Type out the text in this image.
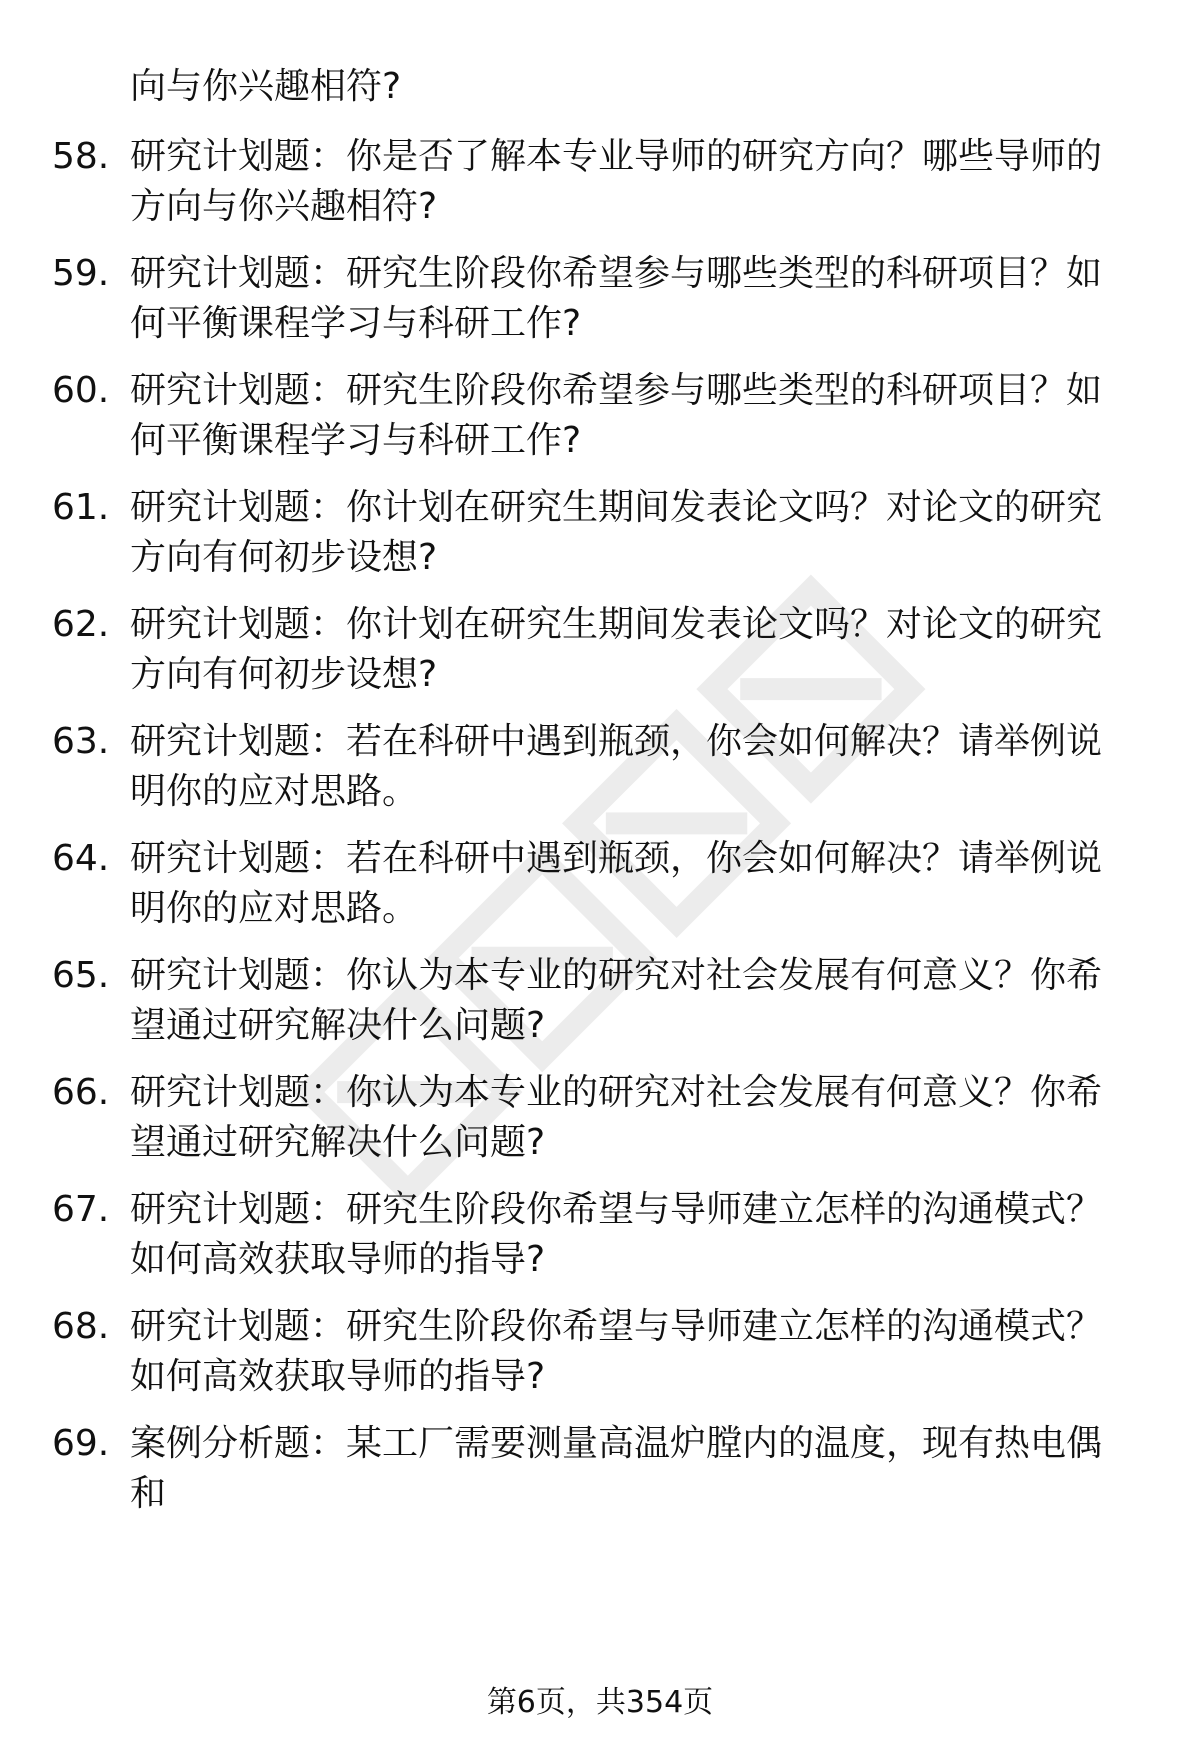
向与你兴趣相符?
58. 研究计划题：你是否了解本专业导师的研究方向？哪些导师的方向与你兴趣相符?
59. 研究计划题：研究生阶段你希望参与哪些类型的科研项目？如何平衡课程学习与科研工作?
60. 研究计划题：研究生阶段你希望参与哪些类型的科研项目？如何平衡课程学习与科研工作?
61. 研究计划题：你计划在研究生期间发表论文吗？对论文的研究方向有何初步设想?
62. 研究计划题：你计划在研究生期间发表论文吗？对论文的研究方向有何初步设想?
63. 研究计划题：若在科研中遇到瓶颈，你会如何解决？请举例说明你的应对思路。
64. 研究计划题：若在科研中遇到瓶颈，你会如何解决？请举例说明你的应对思路。
65. 研究计划题：你认为本专业的研究对社会发展有何意义？你希望通过研究解决什么问题?
66. 研究计划题：你认为本专业的研究对社会发展有何意义？你希望通过研究解决什么问题?
67. 研究计划题：研究生阶段你希望与导师建立怎样的沟通模式？如何高效获取导师的指导?
68. 研究计划题：研究生阶段你希望与导师建立怎样的沟通模式？如何高效获取导师的指导?
69. 案例分析题：某工厂需要测量高温炉膛内的温度，现有热电偶和
第6页，共354页
